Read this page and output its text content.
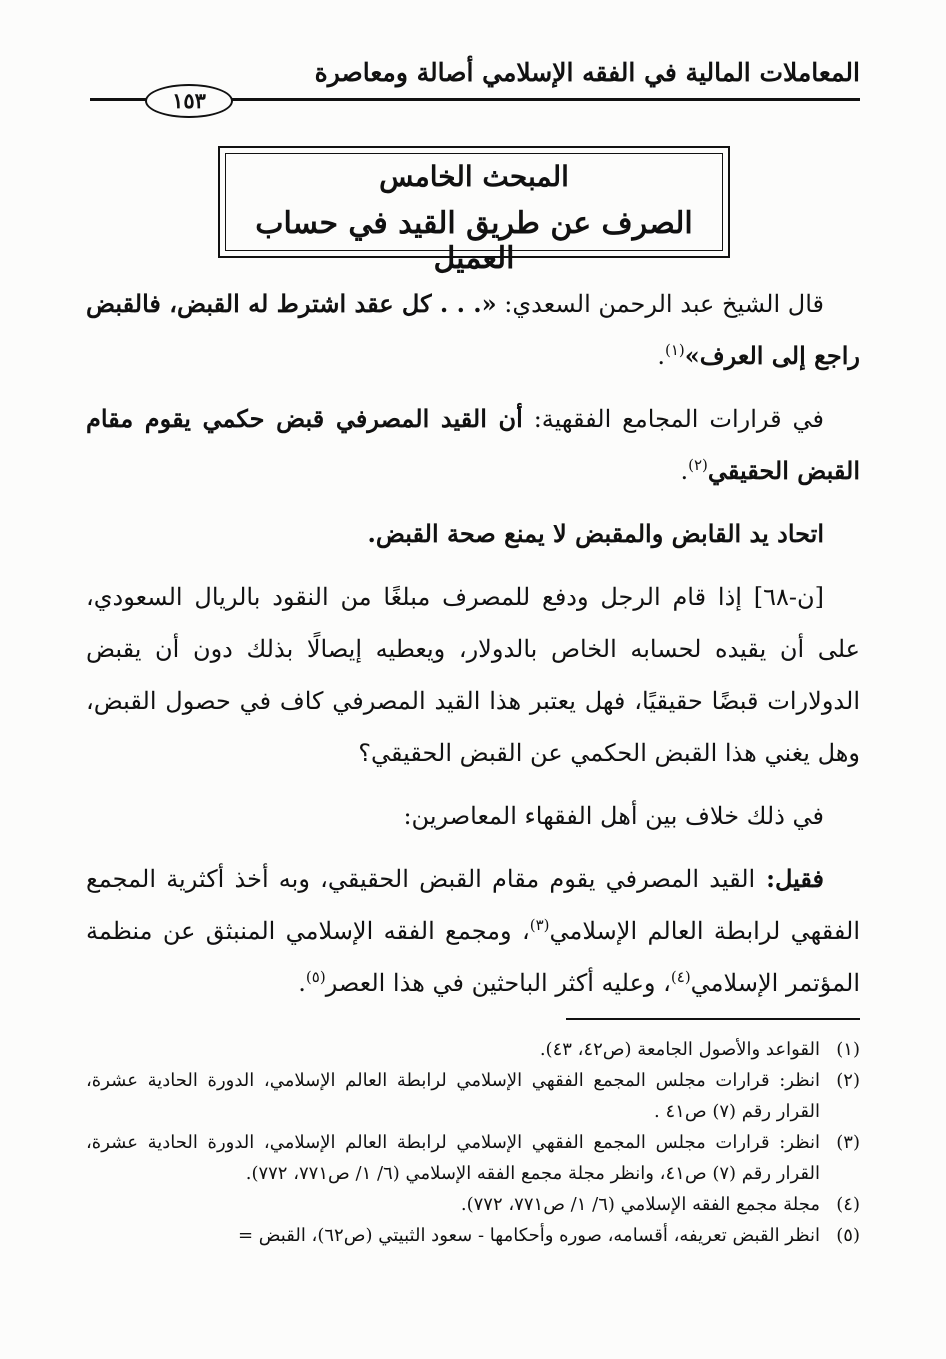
المعاملات المالية في الفقه الإسلامي أصالة ومعاصرة
١٥٣
المبحث الخامس
الصرف عن طريق القيد في حساب العميل

قال الشيخ عبد الرحمن السعدي: «. . . كل عقد اشترط له القبض، فالقبض راجع إلى العرف»$^{(١)}$.

في قرارات المجامع الفقهية: أن القيد المصرفي قبض حكمي يقوم مقام القبض الحقيقي$^{(٢)}$.

اتحاد يد القابض والمقبض لا يمنع صحة القبض.

[ن-٦٨] إذا قام الرجل ودفع للمصرف مبلغًا من النقود بالريال السعودي، على أن يقيده لحسابه الخاص بالدولار، ويعطيه إيصالًا بذلك دون أن يقبض الدولارات قبضًا حقيقيًا، فهل يعتبر هذا القيد المصرفي كاف في حصول القبض، وهل يغني هذا القبض الحكمي عن القبض الحقيقي؟

في ذلك خلاف بين أهل الفقهاء المعاصرين:

فقيل: القيد المصرفي يقوم مقام القبض الحقيقي، وبه أخذ أكثرية المجمع الفقهي لرابطة العالم الإسلامي$^{(٣)}$، ومجمع الفقه الإسلامي المنبثق عن منظمة المؤتمر الإسلامي$^{(٤)}$، وعليه أكثر الباحثين في هذا العصر$^{(٥)}$.

(١)
القواعد والأصول الجامعة (ص٤٢، ٤٣).
(٢)
انظر: قرارات مجلس المجمع الفقهي الإسلامي لرابطة العالم الإسلامي، الدورة الحادية عشرة، القرار رقم (٧) ص٤١ .
(٣)
انظر: قرارات مجلس المجمع الفقهي الإسلامي لرابطة العالم الإسلامي، الدورة الحادية عشرة، القرار رقم (٧) ص٤١، وانظر مجلة مجمع الفقه الإسلامي (٦/ ١/ ص٧٧١، ٧٧٢).
(٤)
مجلة مجمع الفقه الإسلامي (٦/ ١/ ص٧٧١، ٧٧٢).
(٥)
انظر القبض تعريفه، أقسامه، صوره وأحكامها - سعود الثبيتي (ص٦٢)، القبض =
